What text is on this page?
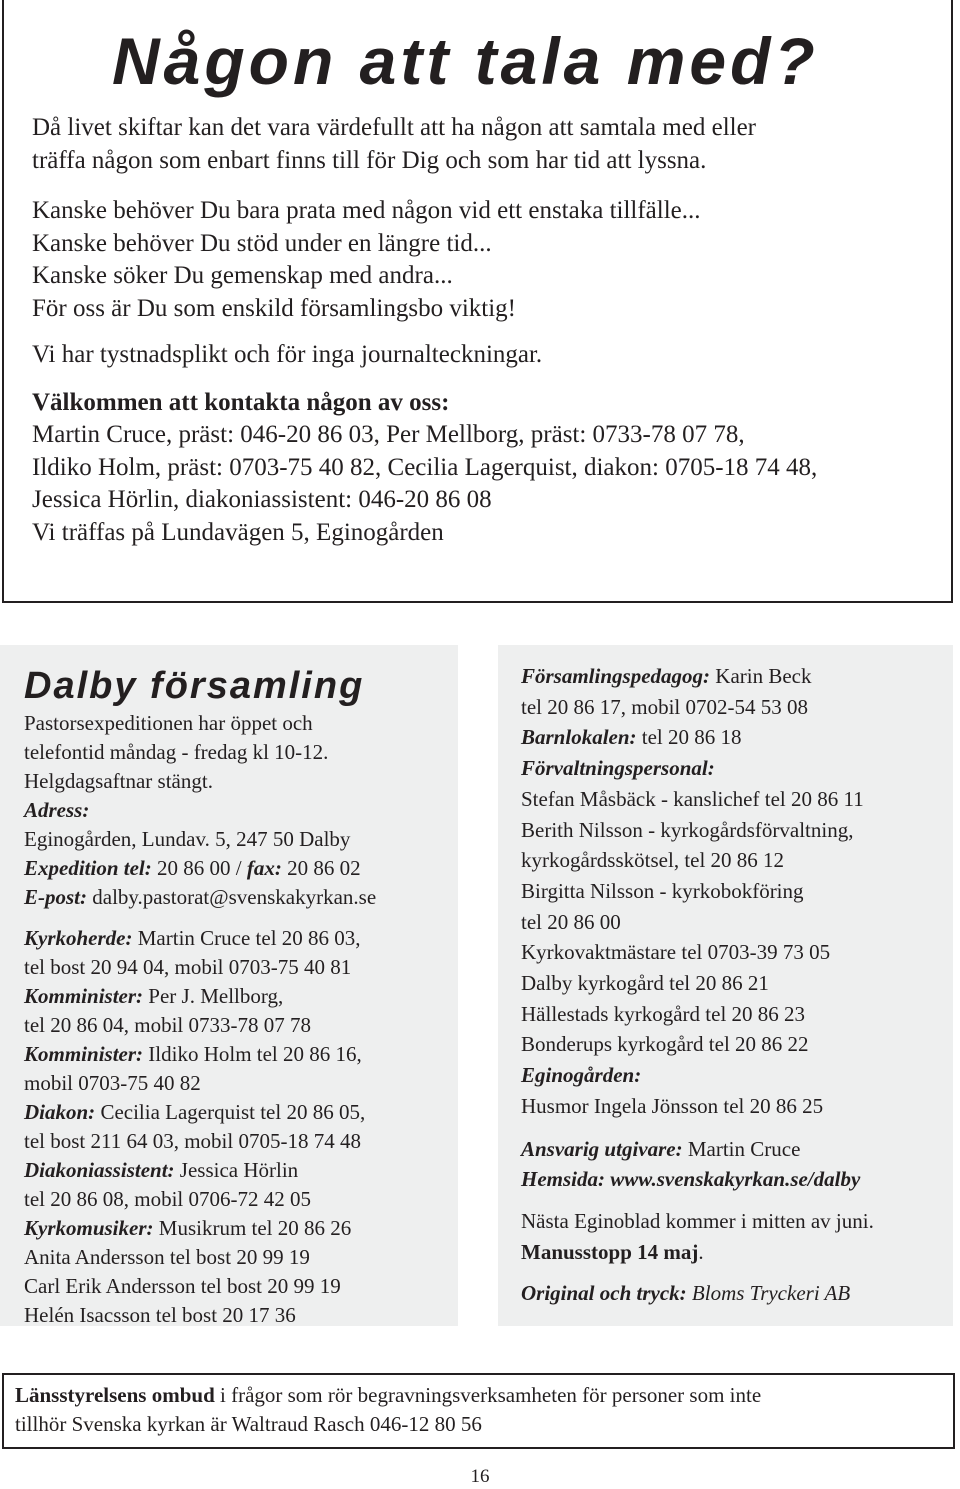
Någon att tala med?
Då livet skiftar kan det vara värdefullt att ha någon att samtala med eller
träffa någon som enbart finns till för Dig och som har tid att lyssna.
Kanske behöver Du bara prata med någon vid ett enstaka tillfälle...
Kanske behöver Du stöd under en längre tid...
Kanske söker Du gemenskap med andra...
För oss är Du som enskild församlingsbo viktig!
Vi har tystnadsplikt och för inga journalteckningar.
Välkommen att kontakta någon av oss:
Martin Cruce, präst: 046-20 86 03, Per Mellborg, präst: 0733-78 07 78,
Ildiko Holm, präst: 0703-75 40 82, Cecilia Lagerquist, diakon: 0705-18 74 48,
Jessica Hörlin, diakoniassistent: 046-20 86 08
Vi träffas på Lundavägen 5, Eginogården
Dalby församling
Pastorsexpeditionen har öppet och
telefontid måndag - fredag kl 10-12.
Helgdagsaftnar stängt.
Adress:
Eginogården, Lundav. 5, 247 50 Dalby
Expedition tel: 20 86 00 / fax: 20 86 02
E-post: dalby.pastorat@svenskakyrkan.se
Kyrkoherde: Martin Cruce tel 20 86 03,
tel bost 20 94 04, mobil 0703-75 40 81
Komminister: Per J. Mellborg,
tel 20 86 04, mobil 0733-78 07 78
Komminister: Ildiko Holm tel 20 86 16,
mobil 0703-75 40 82
Diakon: Cecilia Lagerquist tel 20 86 05,
tel bost 211 64 03, mobil 0705-18 74 48
Diakoniassistent: Jessica Hörlin
tel 20 86 08, mobil 0706-72 42 05
Kyrkomusiker: Musikrum tel 20 86 26
Anita Andersson tel bost 20 99 19
Carl Erik Andersson tel bost 20 99 19
Helén Isacsson tel bost 20 17 36
Församlingspedagog: Karin Beck
tel 20 86 17, mobil 0702-54 53 08
Barnlokalen: tel 20 86 18
Förvaltningspersonal:
Stefan Måsbäck - kanslichef tel 20 86 11
Berith Nilsson - kyrkogårdsförvaltning,
kyrkogårdsskötsel, tel 20 86 12
Birgitta Nilsson - kyrkobokföring
tel 20 86 00
Kyrkovaktmästare tel 0703-39 73 05
Dalby kyrkogård tel 20 86 21
Hällestads kyrkogård tel 20 86 23
Bonderups kyrkogård tel 20 86 22
Eginogården:
Husmor Ingela Jönsson tel 20 86 25
Ansvarig utgivare: Martin Cruce
Hemsida: www.svenskakyrkan.se/dalby
Nästa Eginoblad kommer i mitten av juni.
Manusstopp 14 maj.
Original och tryck: Bloms Tryckeri AB
Länsstyrelsens ombud i frågor som rör begravningsverksamheten för personer som inte
tillhör Svenska kyrkan är Waltraud Rasch 046-12 80 56
16
